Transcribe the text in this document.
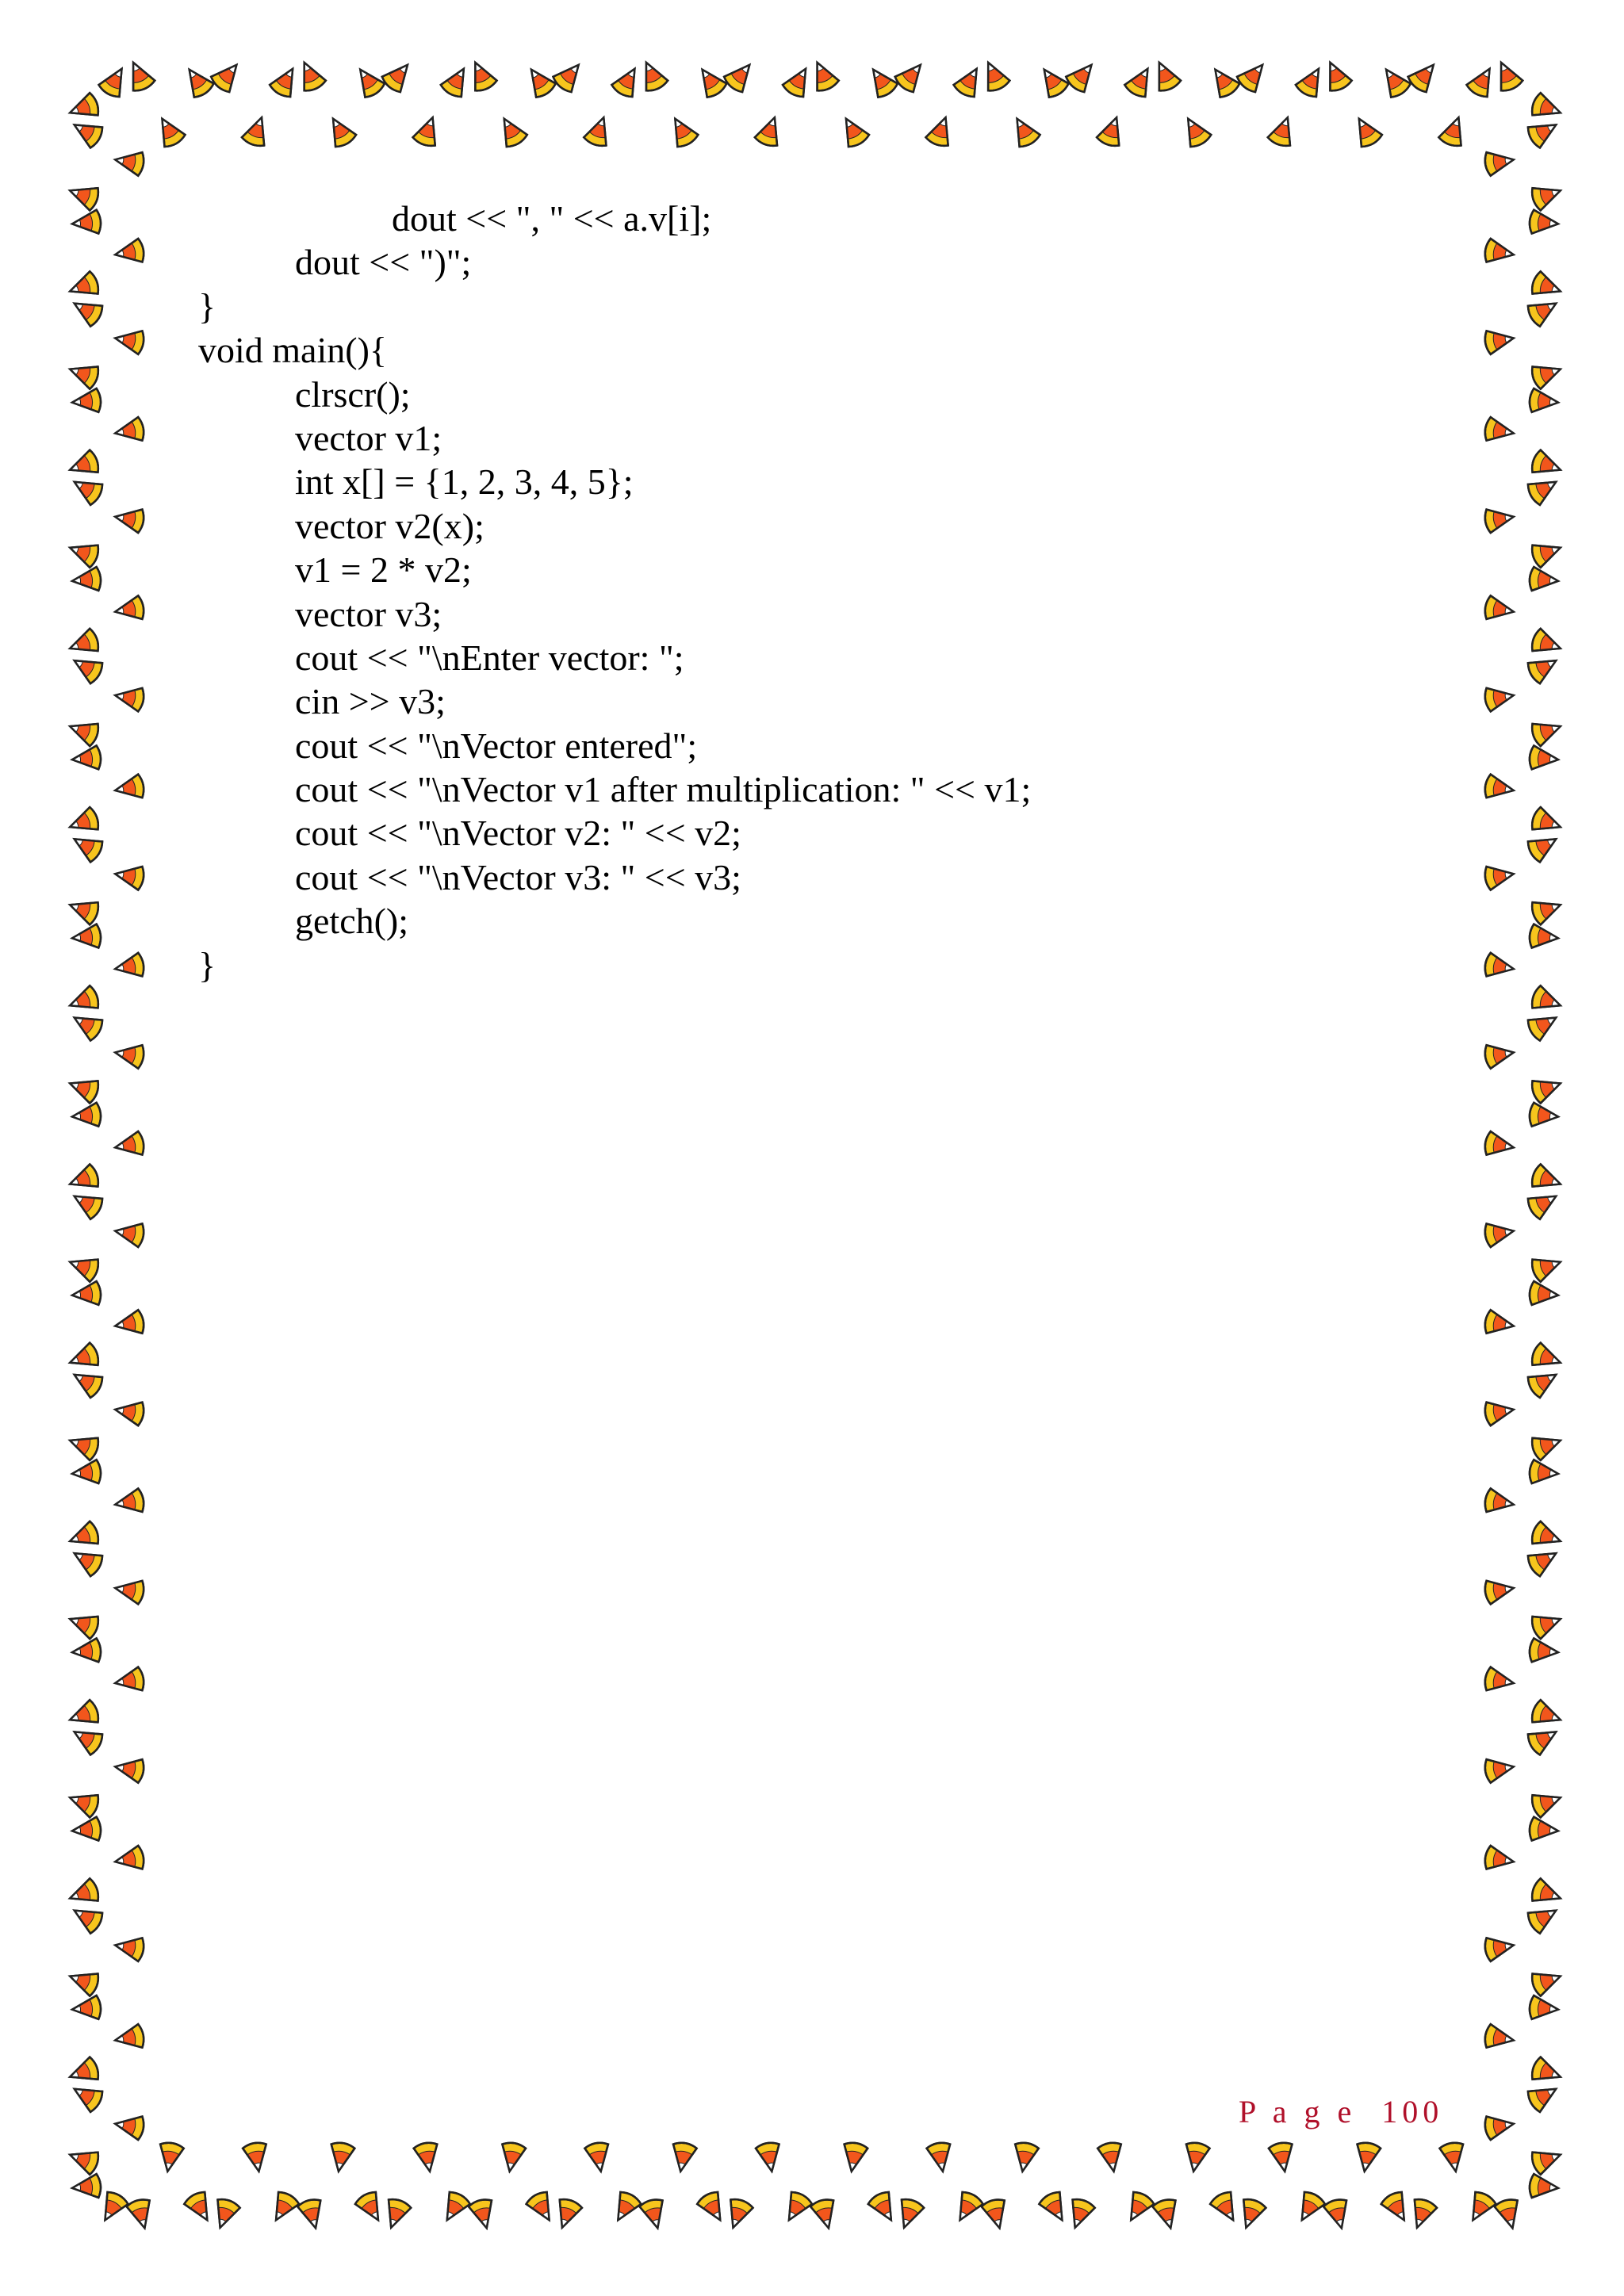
dout << ", " << a.v[i];
dout << ")";
}
void main(){
clrscr();
vector v1;
int x[] = {1, 2, 3, 4, 5};
vector v2(x);
v1 = 2 * v2;
vector v3;
cout << "\nEnter vector: ";
cin >> v3;
cout << "\nVector entered";
cout << "\nVector v1 after multiplication: " << v1;
cout << "\nVector v2: " << v2;
cout << "\nVector v3: " << v3;
getch();
}
P a g e  100
